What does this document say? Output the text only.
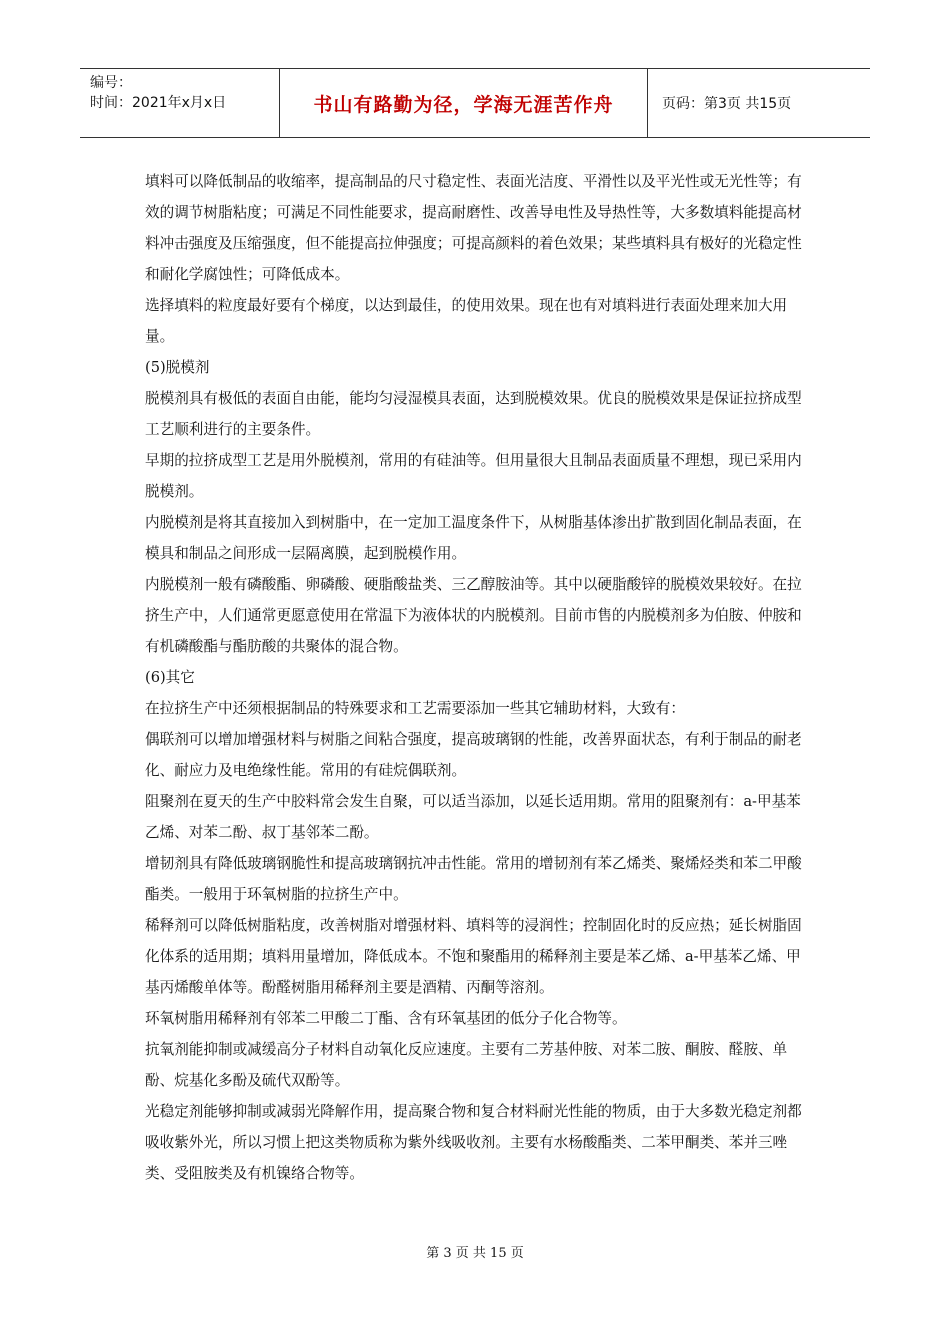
编号：
时间：2021年x月x日	书山有路勤为径，学海无涯苦作舟	页码：第3页 共15页

填料可以降低制品的收缩率，提高制品的尺寸稳定性、表面光洁度、平滑性以及平光性或无光性等；有效的调节树脂粘度；可满足不同性能要求，提高耐磨性、改善导电性及导热性等，大多数填料能提高材料冲击强度及压缩强度，但不能提高拉伸强度；可提高颜料的着色效果；某些填料具有极好的光稳定性和耐化学腐蚀性；可降低成本。

选择填料的粒度最好要有个梯度，以达到最佳，的使用效果。现在也有对填料进行表面处理来加大用量。

(5)脱模剂

脱模剂具有极低的表面自由能，能均匀浸湿模具表面，达到脱模效果。优良的脱模效果是保证拉挤成型工艺顺利进行的主要条件。

早期的拉挤成型工艺是用外脱模剂，常用的有硅油等。但用量很大且制品表面质量不理想，现已采用内脱模剂。

内脱模剂是将其直接加入到树脂中，在一定加工温度条件下，从树脂基体渗出扩散到固化制品表面，在模具和制品之间形成一层隔离膜，起到脱模作用。

内脱模剂一般有磷酸酯、卵磷酸、硬脂酸盐类、三乙醇胺油等。其中以硬脂酸锌的脱模效果较好。在拉挤生产中，人们通常更愿意使用在常温下为液体状的内脱模剂。目前市售的内脱模剂多为伯胺、仲胺和有机磷酸酯与酯肪酸的共聚体的混合物。

(6)其它

在拉挤生产中还须根据制品的特殊要求和工艺需要添加一些其它辅助材料，大致有：

偶联剂可以增加增强材料与树脂之间粘合强度，提高玻璃钢的性能，改善界面状态，有利于制品的耐老化、耐应力及电绝缘性能。常用的有硅烷偶联剂。

阻聚剂在夏天的生产中胶料常会发生自聚，可以适当添加，以延长适用期。常用的阻聚剂有：a-甲基苯乙烯、对苯二酚、叔丁基邻苯二酚。

增韧剂具有降低玻璃钢脆性和提高玻璃钢抗冲击性能。常用的增韧剂有苯乙烯类、聚烯烃类和苯二甲酸酯类。一般用于环氧树脂的拉挤生产中。

稀释剂可以降低树脂粘度，改善树脂对增强材料、填料等的浸润性；控制固化时的反应热；延长树脂固化体系的适用期；填料用量增加，降低成本。不饱和聚酯用的稀释剂主要是苯乙烯、a-甲基苯乙烯、甲基丙烯酸单体等。酚醛树脂用稀释剂主要是酒精、丙酮等溶剂。

环氧树脂用稀释剂有邻苯二甲酸二丁酯、含有环氧基团的低分子化合物等。

抗氧剂能抑制或减缓高分子材料自动氧化反应速度。主要有二芳基仲胺、对苯二胺、酮胺、醛胺、单酚、烷基化多酚及硫代双酚等。

光稳定剂能够抑制或减弱光降解作用，提高聚合物和复合材料耐光性能的物质，由于大多数光稳定剂都吸收紫外光，所以习惯上把这类物质称为紫外线吸收剂。主要有水杨酸酯类、二苯甲酮类、苯并三唑类、受阻胺类及有机镍络合物等。

第 3 页 共 15 页
